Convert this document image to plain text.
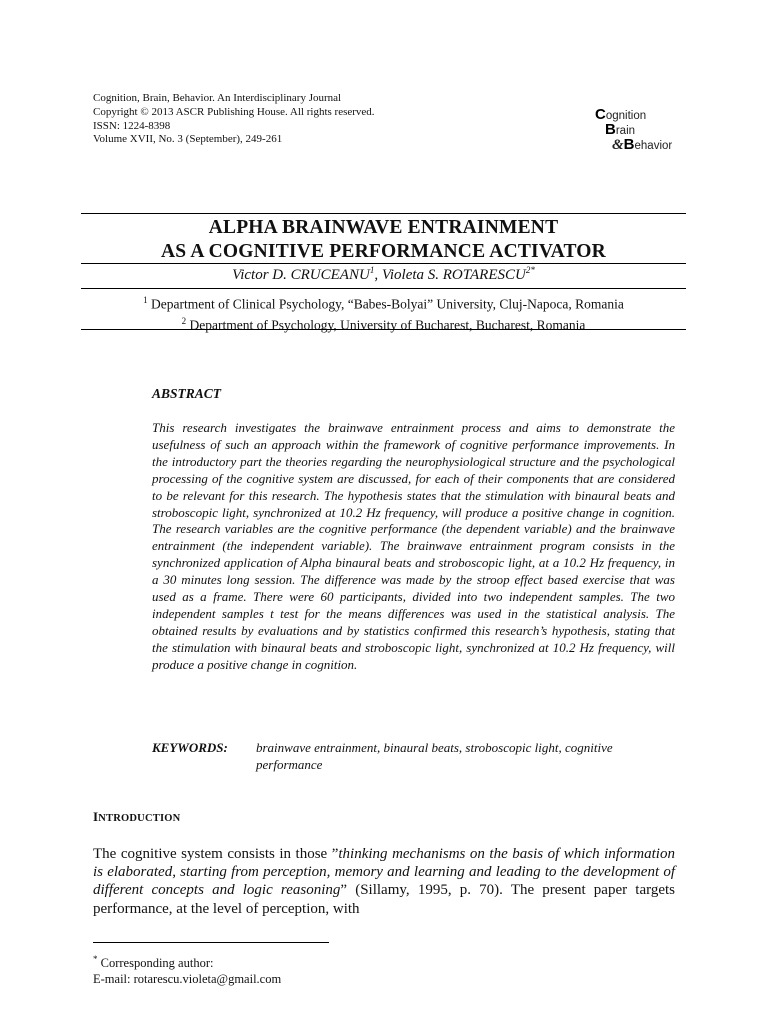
Cognition, Brain, Behavior. An Interdisciplinary Journal
Copyright © 2013 ASCR Publishing House. All rights reserved.
ISSN: 1224-8398
Volume XVII, No. 3 (September), 249-261
Cognition
Brain
&Behavior
ALPHA BRAINWAVE ENTRAINMENT
AS A COGNITIVE PERFORMANCE ACTIVATOR
Victor D. CRUCEANU$^1$, Violeta S. $ROTARESCU^{2*}$
$^1$ Department of Clinical Psychology, “Babes-Bolyai” University, Cluj-Napoca, Romania
$^2$ Department of Psychology, University of Bucharest, Bucharest, Romania
ABSTRACT
This research investigates the brainwave entrainment process and aims to demonstrate the usefulness of such an approach within the framework of cognitive performance improvements. In the introductory part the theories regarding the neurophysiological structure and the psychological processing of the cognitive system are discussed, for each of their components that are considered to be relevant for this research. The hypothesis states that the stimulation with binaural beats and stroboscopic light, synchronized at 10.2 Hz frequency, will produce a positive change in cognition. The research variables are the cognitive performance (the dependent variable) and the brainwave entrainment (the independent variable). The brainwave entrainment program consists in the synchronized application of Alpha binaural beats and stroboscopic light, at a 10.2 Hz frequency, in a 30 minutes long session. The difference was made by the stroop effect based exercise that was used as a frame. There were 60 participants, divided into two independent samples. The two independent samples t test for the means differences was used in the statistical analysis. The obtained results by evaluations and by statistics confirmed this research’s hypothesis, stating that the stimulation with binaural beats and stroboscopic light, synchronized at 10.2 Hz frequency, will produce a positive change in cognition.
KEYWORDS: brainwave entrainment, binaural beats, stroboscopic light, cognitive performance
INTRODUCTION
The cognitive system consists in those ”thinking mechanisms on the basis of which information is elaborated, starting from perception, memory and learning and leading to the development of different concepts and logic reasoning” (Sillamy, 1995, p. 70). The present paper targets performance, at the level of perception, with
* Corresponding author:
E-mail: rotarescu.violeta@gmail.com
